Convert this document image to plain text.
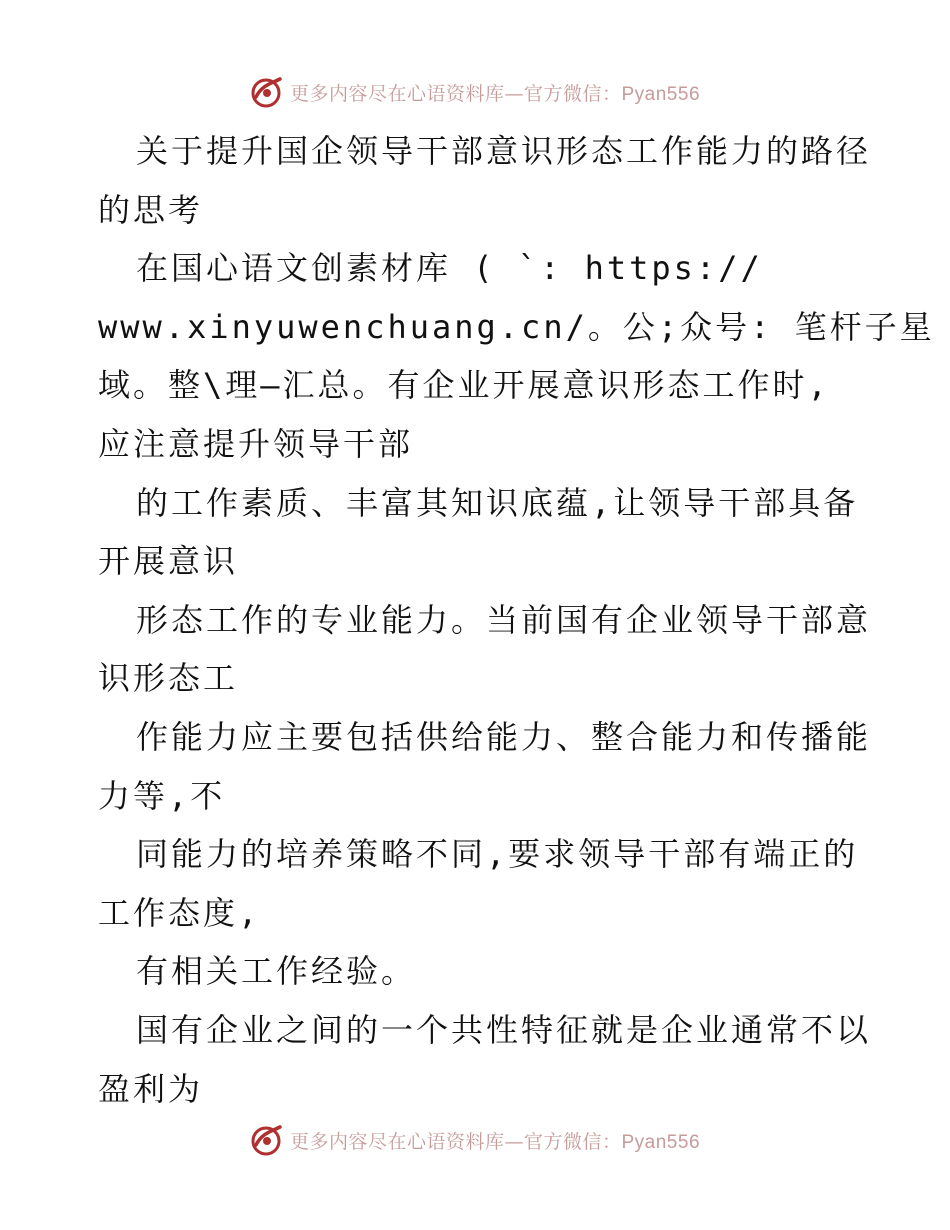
更多内容尽在心语资料库—官方微信：Pyan556
关于提升国企领导干部意识形态工作能力的路径
的思考
在国心语文创素材库 ( `: https://
www.xinyuwenchuang.cn/。公;众号: 笔杆子星
域。整\理—汇总。有企业开展意识形态工作时,
应注意提升领导干部
的工作素质、丰富其知识底蕴,让领导干部具备
开展意识
形态工作的专业能力。当前国有企业领导干部意
识形态工
作能力应主要包括供给能力、整合能力和传播能
力等,不
同能力的培养策略不同,要求领导干部有端正的
工作态度,
有相关工作经验。
国有企业之间的一个共性特征就是企业通常不以
盈利为
更多内容尽在心语资料库—官方微信：Pyan556
